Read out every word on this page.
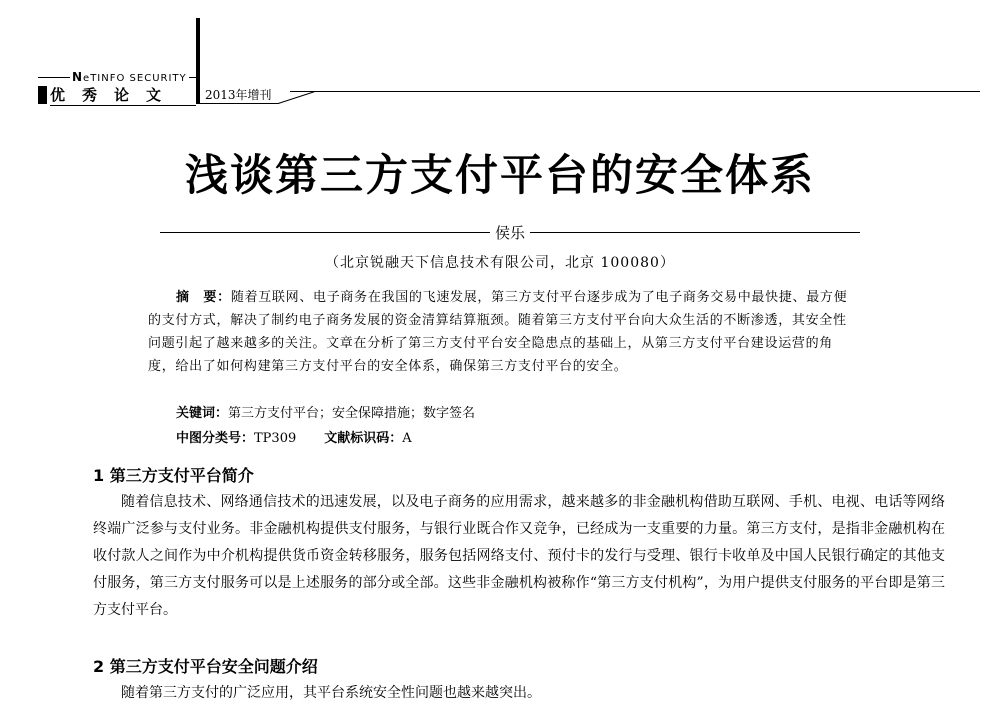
NeTINFO SECURITY
优秀论文	2013年增刊
浅谈第三方支付平台的安全体系
侯乐
（北京锐融天下信息技术有限公司，北京 100080）
摘　要：随着互联网、电子商务在我国的飞速发展，第三方支付平台逐步成为了电子商务交易中最快捷、最方便的支付方式，解决了制约电子商务发展的资金清算结算瓶颈。随着第三方支付平台向大众生活的不断渗透，其安全性问题引起了越来越多的关注。文章在分析了第三方支付平台安全隐患点的基础上，从第三方支付平台建设运营的角度，给出了如何构建第三方支付平台的安全体系，确保第三方支付平台的安全。
关键词：第三方支付平台；安全保障措施；数字签名
中图分类号：TP309 文献标识码：A
1 第三方支付平台简介
随着信息技术、网络通信技术的迅速发展，以及电子商务的应用需求，越来越多的非金融机构借助互联网、手机、电视、电话等网络终端广泛参与支付业务。非金融机构提供支付服务，与银行业既合作又竞争，已经成为一支重要的力量。第三方支付，是指非金融机构在收付款人之间作为中介机构提供货币资金转移服务，服务包括网络支付、预付卡的发行与受理、银行卡收单及中国人民银行确定的其他支付服务，第三方支付服务可以是上述服务的部分或全部。这些非金融机构被称作“第三方支付机构”，为用户提供支付服务的平台即是第三方支付平台。
2 第三方支付平台安全问题介绍
随着第三方支付的广泛应用，其平台系统安全性问题也越来越突出。
